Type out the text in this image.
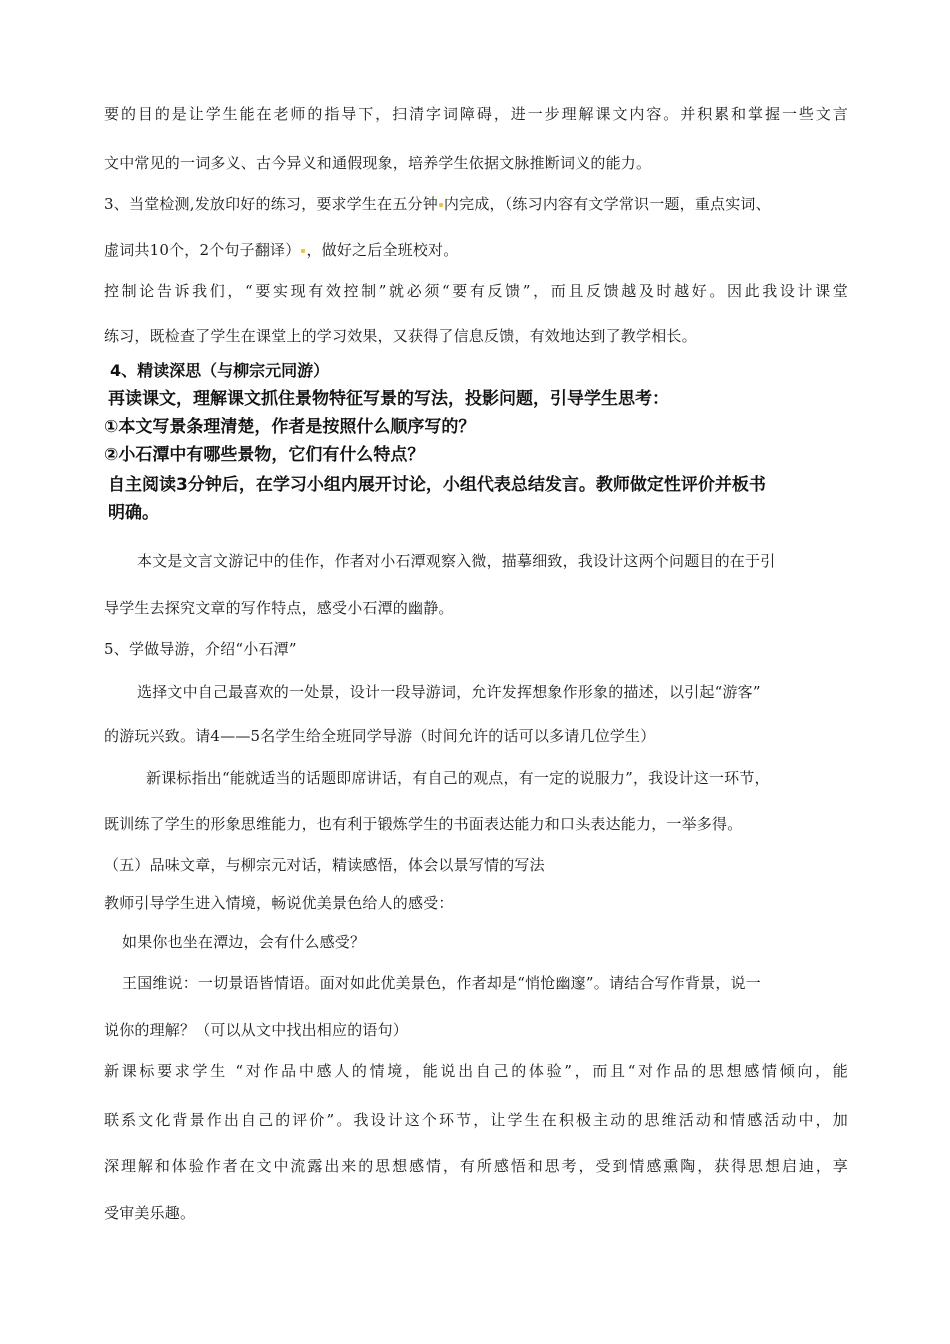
要的目的是让学生能在老师的指导下，扫清字词障碍，进一步理解课文内容。并积累和掌握一些文言
文中常见的一词多义、古今异义和通假现象，培养学生依据文脉推断词义的能力。
3、当堂检测,发放印好的练习，要求学生在五分钟 内完成，（练习内容有文学常识一题，重点实词、
虚词共10个，2个句子翻译） ，做好之后全班校对。
控制论告诉我们，“要实现有效控制”就必须“要有反馈”，而且反馈越及时越好。因此我设计课堂
练习，既检查了学生在课堂上的学习效果，又获得了信息反馈，有效地达到了教学相长。
4、精读深思（与柳宗元同游）
再读课文，理解课文抓住景物特征写景的写法，投影问题，引导学生思考：
①本文写景条理清楚，作者是按照什么顺序写的？
②小石潭中有哪些景物，它们有什么特点？
自主阅读3分钟后，在学习小组内展开讨论，小组代表总结发言。教师做定性评价并板书
明确。
本文是文言文游记中的佳作，作者对小石潭观察入微，描摹细致，我设计这两个问题目的在于引
导学生去探究文章的写作特点，感受小石潭的幽静。
5、学做导游，介绍“小石潭”
选择文中自己最喜欢的一处景，设计一段导游词，允许发挥想象作形象的描述，以引起“游客”
的游玩兴致。请4——5名学生给全班同学导游（时间允许的话可以多请几位学生）
新课标指出“能就适当的话题即席讲话，有自己的观点，有一定的说服力”，我设计这一环节，
既训练了学生的形象思维能力，也有利于锻炼学生的书面表达能力和口头表达能力，一举多得。
（五）品味文章，与柳宗元对话，精读感悟，体会以景写情的写法
教师引导学生进入情境，畅说优美景色给人的感受：
如果你也坐在潭边，会有什么感受？
王国维说：一切景语皆情语。面对如此优美景色，作者却是“悄怆幽邃”。请结合写作背景，说一
说你的理解？（可以从文中找出相应的语句）
新课标要求学生 “对作品中感人的情境，能说出自己的体验”，而且“对作品的思想感情倾向，能
联系文化背景作出自己的评价”。我设计这个环节，让学生在积极主动的思维活动和情感活动中，加
深理解和体验作者在文中流露出来的思想感情，有所感悟和思考，受到情感熏陶，获得思想启迪，享
受审美乐趣。
